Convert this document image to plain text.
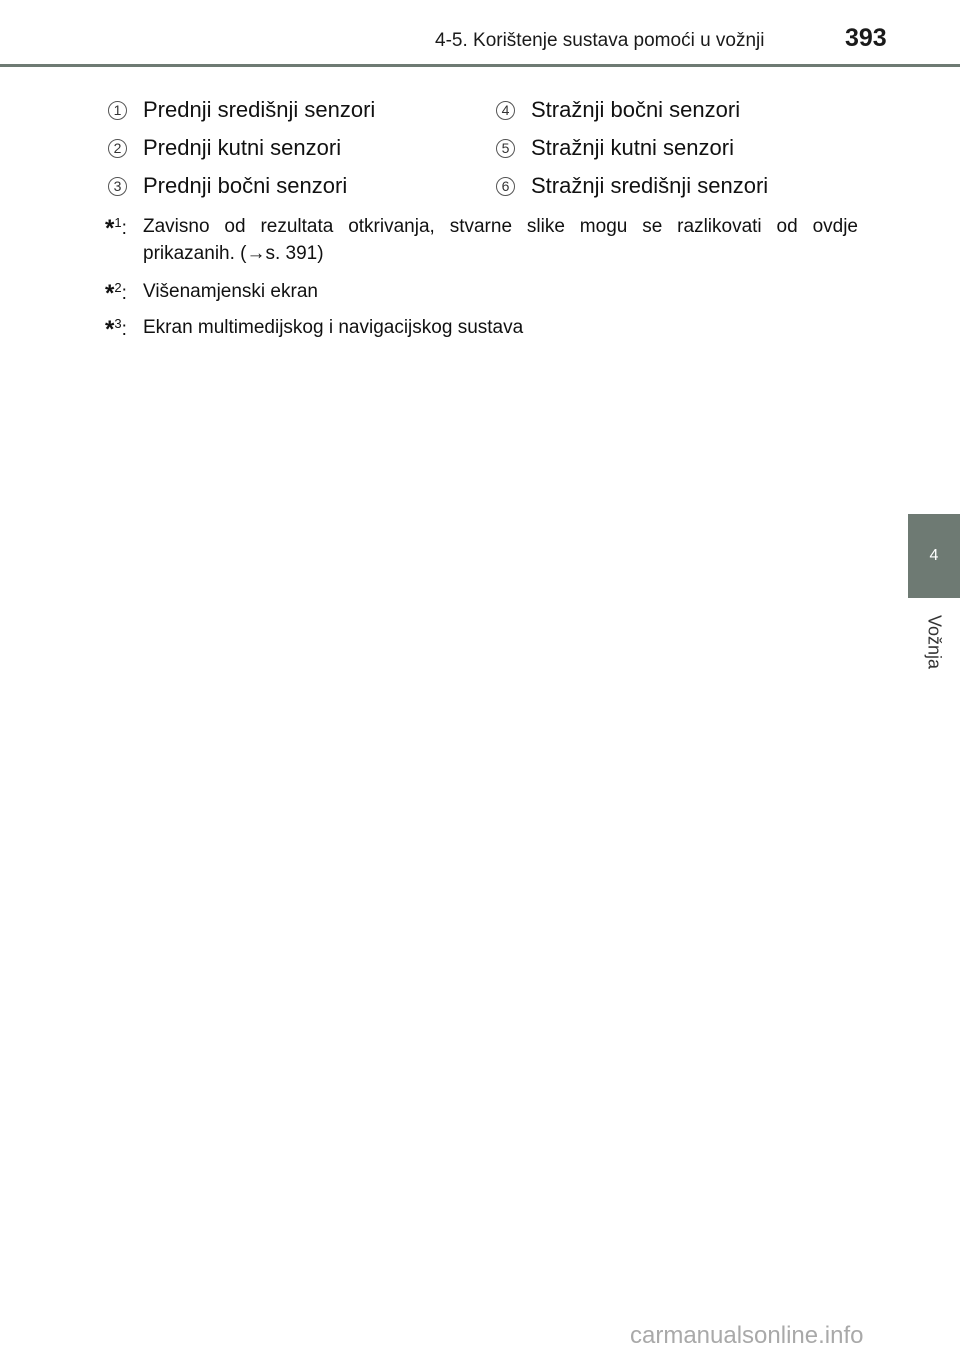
4-5. Korištenje sustava pomoći u vožnji	393
1 Prednji središnji senzori
2 Prednji kutni senzori
3 Prednji bočni senzori
4 Stražnji bočni senzori
5 Stražnji kutni senzori
6 Stražnji središnji senzori
*$^1$: Zavisno od rezultata otkrivanja, stvarne slike mogu se razlikovati od ovdje prikazanih. (→s. 391)
*$^2$: Višenamjenski ekran
*$^3$: Ekran multimedijskog i navigacijskog sustava
4
Vožnja
carmanualsonline.info
